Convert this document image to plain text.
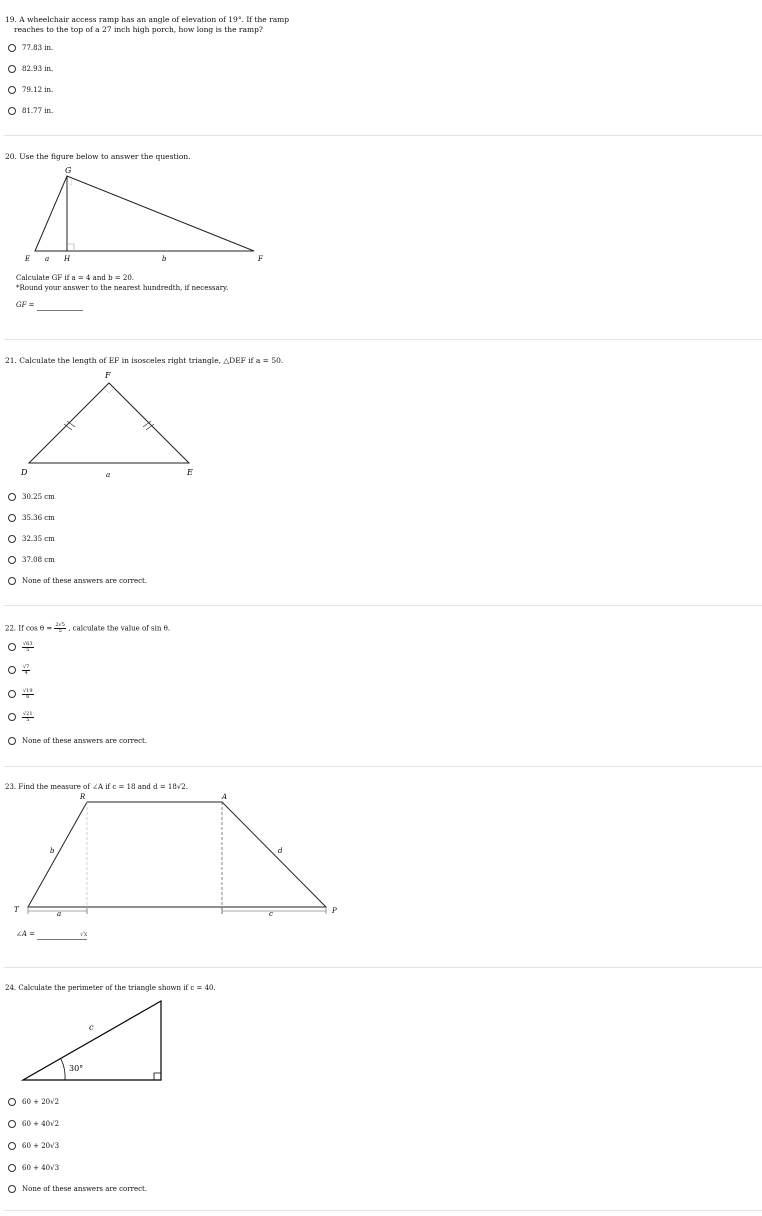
19. A wheelchair access ramp has an angle of elevation of 19°. If the ramp
reaches to the top of a 27 inch high porch, how long is the ramp?
77.83 in.
82.93 in.
79.12 in.
81.77 in.
20. Use the figure below to answer the question.
G
E a H	b	F
Calculate GF if a = 4 and b = 20.
*Round your answer to the nearest hundredth, if necessary.
GF =
21. Calculate the length of EF in isosceles right triangle, △DEF if a = 50.
F
D	a	E
30.25 cm
35.36 cm
32.35 cm
37.08 cm
None of these answers are correct.
22. If $\cos \theta = \frac{2√5}{5}$ , calculate the value of sin θ.
$\frac{√63}{5}$
$\frac{√7}{4}$
$\frac{√19}{6}$
$\frac{√21}{5}$
None of these answers are correct.
23. Find the measure of ∠A if c = 18 and d = 18√2.
R	A
b	d
T	P
a	c
∠A =	√x
24. Calculate the perimeter of the triangle shown if c = 40.
c
30°
60 + 20√2
60 + 40√2
60 + 20√3
60 + 40√3
None of these answers are correct.
